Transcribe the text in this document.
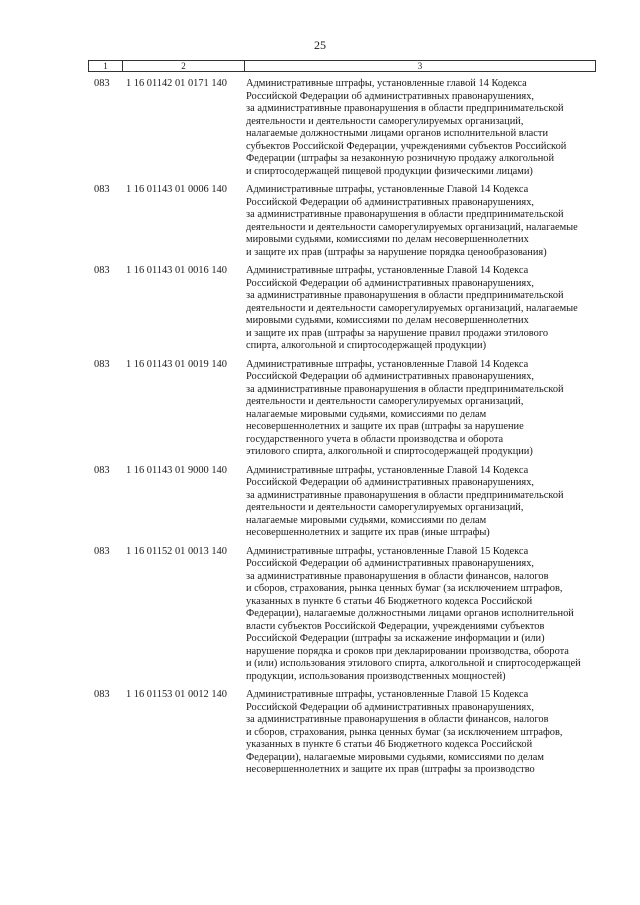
25
1	2	3
083	1 16 01142 01 0171 140	Административные штрафы, установленные главой 14 Кодекса
Российской Федерации об административных правонарушениях,
за административные правонарушения в области предпринимательской
деятельности и деятельности саморегулируемых организаций,
налагаемые должностными лицами органов исполнительной власти
субъектов Российской Федерации, учреждениями субъектов Российской
Федерации (штрафы за незаконную розничную продажу алкогольной
и спиртосодержащей пищевой продукции физическими лицами)
083	1 16 01143 01 0006 140	Административные штрафы, установленные Главой 14 Кодекса
Российской Федерации об административных правонарушениях,
за административные правонарушения в области предпринимательской
деятельности и деятельности саморегулируемых организаций, налагаемые
мировыми судьями, комиссиями по делам несовершеннолетних
и защите их прав (штрафы за нарушение порядка ценообразования)
083	1 16 01143 01 0016 140	Административные штрафы, установленные Главой 14 Кодекса
Российской Федерации об административных правонарушениях,
за административные правонарушения в области предпринимательской
деятельности и деятельности саморегулируемых организаций, налагаемые
мировыми судьями, комиссиями по делам несовершеннолетних
и защите их прав (штрафы за нарушение правил продажи этилового
спирта, алкогольной и спиртосодержащей продукции)
083	1 16 01143 01 0019 140	Административные штрафы, установленные Главой 14 Кодекса
Российской Федерации об административных правонарушениях,
за административные правонарушения в области предпринимательской
деятельности и деятельности саморегулируемых организаций,
налагаемые мировыми судьями, комиссиями по делам
несовершеннолетних и защите их прав (штрафы за нарушение
государственного учета в области производства и оборота
этилового спирта, алкогольной и спиртосодержащей продукции)
083	1 16 01143 01 9000 140	Административные штрафы, установленные Главой 14 Кодекса
Российской Федерации об административных правонарушениях,
за административные правонарушения в области предпринимательской
деятельности и деятельности саморегулируемых организаций,
налагаемые мировыми судьями, комиссиями по делам
несовершеннолетних и защите их прав (иные штрафы)
083	1 16 01152 01 0013 140	Административные штрафы, установленные Главой 15 Кодекса
Российской Федерации об административных правонарушениях,
за административные правонарушения в области финансов, налогов
и сборов, страхования, рынка ценных бумаг (за исключением штрафов,
указанных в пункте 6 статьи 46 Бюджетного кодекса Российской
Федерации), налагаемые должностными лицами органов исполнительной
власти субъектов Российской Федерации, учреждениями субъектов
Российской Федерации (штрафы за искажение информации и (или)
нарушение порядка и сроков при декларировании производства, оборота
и (или) использования этилового спирта, алкогольной и спиртосодержащей
продукции, использования производственных мощностей)
083	1 16 01153 01 0012 140	Административные штрафы, установленные Главой 15 Кодекса
Российской Федерации об административных правонарушениях,
за административные правонарушения в области финансов, налогов
и сборов, страхования, рынка ценных бумаг (за исключением штрафов,
указанных в пункте 6 статьи 46 Бюджетного кодекса Российской
Федерации), налагаемые мировыми судьями, комиссиями по делам
несовершеннолетних и защите их прав (штрафы за производство
